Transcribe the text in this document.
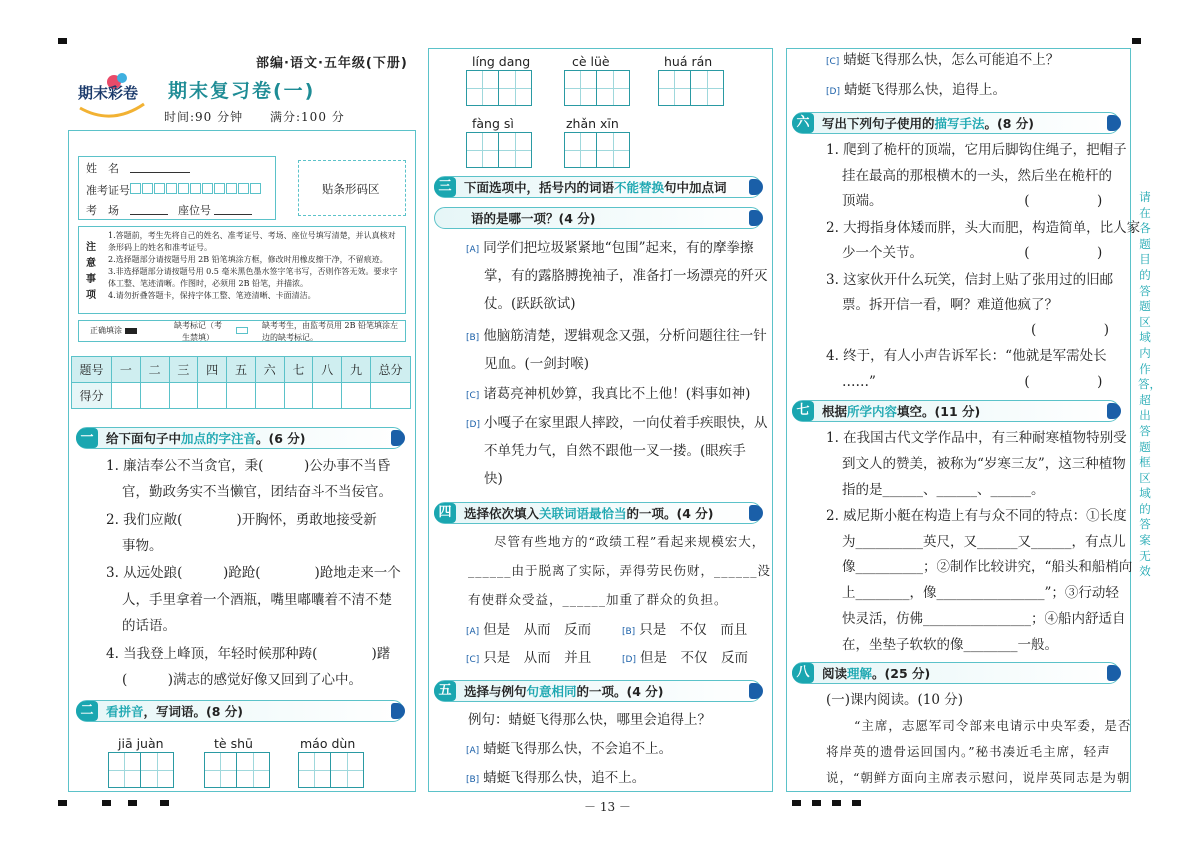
部编·语文·五年级(下册)
期末彩卷 期末复习卷(一)
时间:90 分钟 满分:100 分
姓　名
准考证号
考　场	座位号
贴条形码区
注
意
事
项
1.答题前，考生先将自己的姓名、准考证号、考场、座位号填写清楚，并认真核对条形码上的姓名和准考证号。
2.选择题部分请按题号用 2B 铅笔填涂方框，修改时用橡皮擦干净，不留痕迹。
3.非选择题部分请按题号用 0.5 毫米黑色墨水签字笔书写，否则作答无效。要求字体工整、笔迹清晰。作图时，必须用 2B 铅笔，并描浓。
4.请勿折叠答题卡，保持字体工整、笔迹清晰、卡面清洁。
正确填涂
缺考标记（考生禁填）
缺考考生，由监考员用 2B 铅笔填涂左边的缺考标记。
题号	一	二	三	四	五	六	七	八	九	总分
得分										
一	给下面句子中 加点的字注音 。(6 分)
1. 廉洁奉公不当贪官，秉(　　　)公办事不当昏
官，勤政务实不当懒官，团结奋斗不当佞官。
2. 我们应敞(　　　　)开胸怀，勇敢地接受新
事物。
3. 从远处踉(　　　)跄跄(　　　　)跄地走来一个
人，手里拿着一个酒瓶，嘴里嘟囔着不清不楚
的话语。
4. 当我登上峰顶，年轻时候那种踌(　　　　)躇
(　　　)满志的感觉好像又回到了心中。
二	看拼音 ，写词语。(8 分)
jiā juàn	tè shū	máo dùn
líng dang	cè lüè	huá rán
fàng sì	zhǎn xīn
三	下面选项中，括号内的词语 不能替换 句中加点词
语的是哪一项？(4 分)
[A] 同学们把垃圾紧紧地“包围”起来，有的摩拳擦
掌，有的露胳膊挽袖子，准备打一场漂亮的歼灭
仗。(跃跃欲试)
[B] 他脑筋清楚，逻辑观念又强，分析问题往往一针
见血。(一剑封喉)
[C] 诸葛亮神机妙算，我真比不上他！(料事如神)
[D] 小嘎子在家里跟人摔跤，一向仗着手疾眼快，从
不单凭力气，自然不跟他一叉一搂。(眼疾手
快)
四	选择依次填入 关联词语最恰当 的一项。(4 分)
尽管有些地方的“政绩工程”看起来规模宏大，
______由于脱离了实际，弄得劳民伤财，______没
有使群众受益，______加重了群众的负担。
[A] 但是　从而　反而	[B] 只是　不仅　而且
[C] 只是　从而　并且	[D] 但是　不仅　反而
五	选择与例句 句意相同 的一项。(4 分)
例句：蜻蜓飞得那么快，哪里会追得上？
[A] 蜻蜓飞得那么快，不会追不上。
[B] 蜻蜓飞得那么快，追不上。
－ 13 －
[C] 蜻蜓飞得那么快，怎么可能追不上？
[D] 蜻蜓飞得那么快，追得上。
六	写出下列句子使用的 描写手法 。(8 分)
1. 爬到了桅杆的顶端，它用后脚钩住绳子，把帽子
挂在最高的那根横木的一头，然后坐在桅杆的
顶端。　　　　　　　　　　　(　　　　　)
2. 大拇指身体矮而胖，头大而肥，构造简单，比人家
少一个关节。　　　　　　　　(　　　　　)
3. 这家伙开什么玩笑，信封上贴了张用过的旧邮
票。拆开信一看，啊？难道他疯了？
　　　　　　　　　　　　　　(　　　　　)
4. 终于，有人小声告诉军长：“他就是军需处长
……”　　　　　　　　　　　(　　　　　)
七	根据 所学内容 填空。(11 分)
1. 在我国古代文学作品中，有三种耐寒植物特别受
到文人的赞美，被称为“岁寒三友”，这三种植物
指的是______、______、______。
2. 威尼斯小艇在构造上有与众不同的特点：①长度
为__________英尺，又______又______，有点儿
像__________；②制作比较讲究，“船头和船梢向
上________，像________________”；③行动轻
快灵活，仿佛________________；④船内舒适自
在，坐垫子软软的像________一般。
八	阅读 理解 。(25 分)
(一)课内阅读。(10 分)
“主席，志愿军司令部来电请示中央军委，是否
将岸英的遗骨运回国内。”秘书凑近毛主席，轻声
说，“朝鲜方面向主席表示慰问，说岸英同志是为朝
请在各题目的答题区域内作答，超出答题框区域的答案无效
